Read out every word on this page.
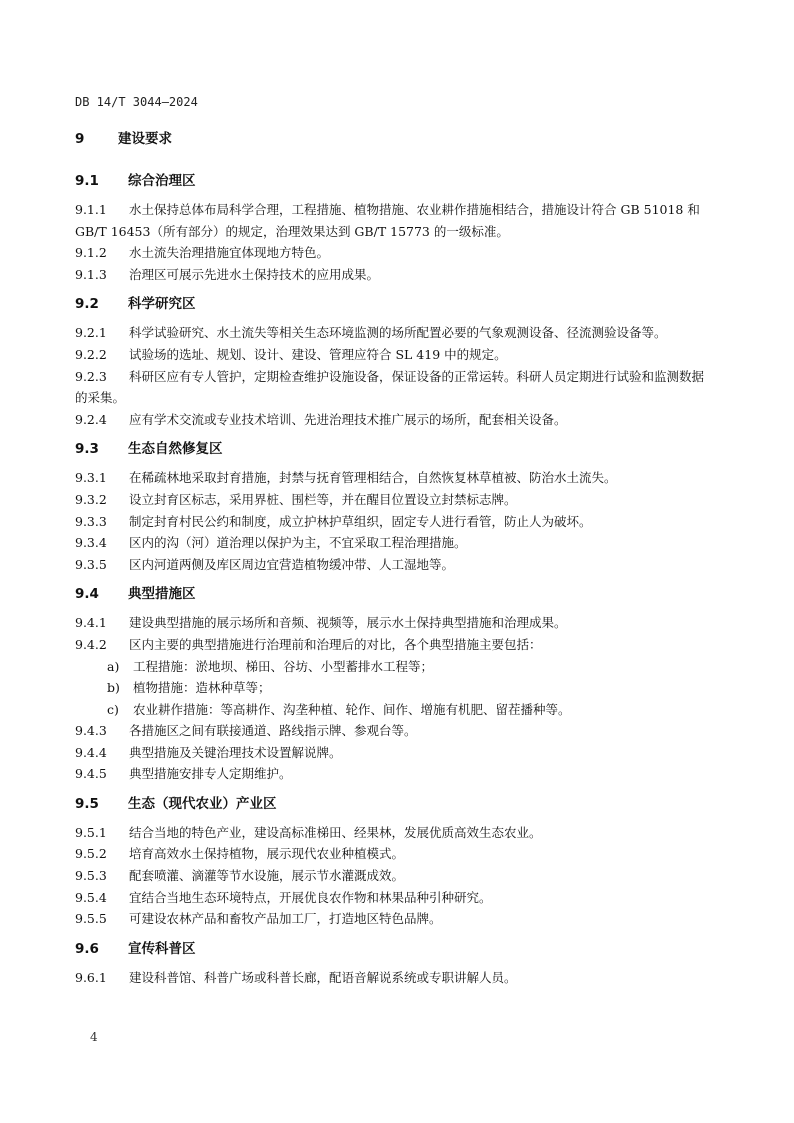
DB 14/T 3044—2024
9 建设要求
9.1 综合治理区

9.1.1 水土保持总体布局科学合理，工程措施、植物措施、农业耕作措施相结合，措施设计符合 GB 51018 和 GB/T 16453（所有部分）的规定，治理效果达到 GB/T 15773 的一级标准。

9.1.2 水土流失治理措施宜体现地方特色。

9.1.3 治理区可展示先进水土保持技术的应用成果。

9.2 科学研究区

9.2.1 科学试验研究、水土流失等相关生态环境监测的场所配置必要的气象观测设备、径流测验设备等。

9.2.2 试验场的选址、规划、设计、建设、管理应符合 SL 419 中的规定。

9.2.3 科研区应有专人管护，定期检查维护设施设备，保证设备的正常运转。科研人员定期进行试验和监测数据的采集。

9.2.4 应有学术交流或专业技术培训、先进治理技术推广展示的场所，配套相关设备。

9.3 生态自然修复区

9.3.1 在稀疏林地采取封育措施，封禁与抚育管理相结合，自然恢复林草植被、防治水土流失。

9.3.2 设立封育区标志，采用界桩、围栏等，并在醒目位置设立封禁标志牌。

9.3.3 制定封育村民公约和制度，成立护林护草组织，固定专人进行看管，防止人为破坏。

9.3.4 区内的沟（河）道治理以保护为主，不宜采取工程治理措施。

9.3.5 区内河道两侧及库区周边宜营造植物缓冲带、人工湿地等。

9.4 典型措施区

9.4.1 建设典型措施的展示场所和音频、视频等，展示水土保持典型措施和治理成果。

9.4.2 区内主要的典型措施进行治理前和治理后的对比，各个典型措施主要包括：

a) 工程措施：淤地坝、梯田、谷坊、小型蓄排水工程等；

b) 植物措施：造林种草等；

c) 农业耕作措施：等高耕作、沟垄种植、轮作、间作、增施有机肥、留茬播种等。

9.4.3 各措施区之间有联接通道、路线指示牌、参观台等。

9.4.4 典型措施及关键治理技术设置解说牌。

9.4.5 典型措施安排专人定期维护。

9.5 生态（现代农业）产业区

9.5.1 结合当地的特色产业，建设高标准梯田、经果林，发展优质高效生态农业。

9.5.2 培育高效水土保持植物，展示现代农业种植模式。

9.5.3 配套喷灌、滴灌等节水设施，展示节水灌溉成效。

9.5.4 宜结合当地生态环境特点，开展优良农作物和林果品种引种研究。

9.5.5 可建设农林产品和畜牧产品加工厂，打造地区特色品牌。

9.6 宣传科普区

9.6.1 建设科普馆、科普广场或科普长廊，配语音解说系统或专职讲解人员。

4
